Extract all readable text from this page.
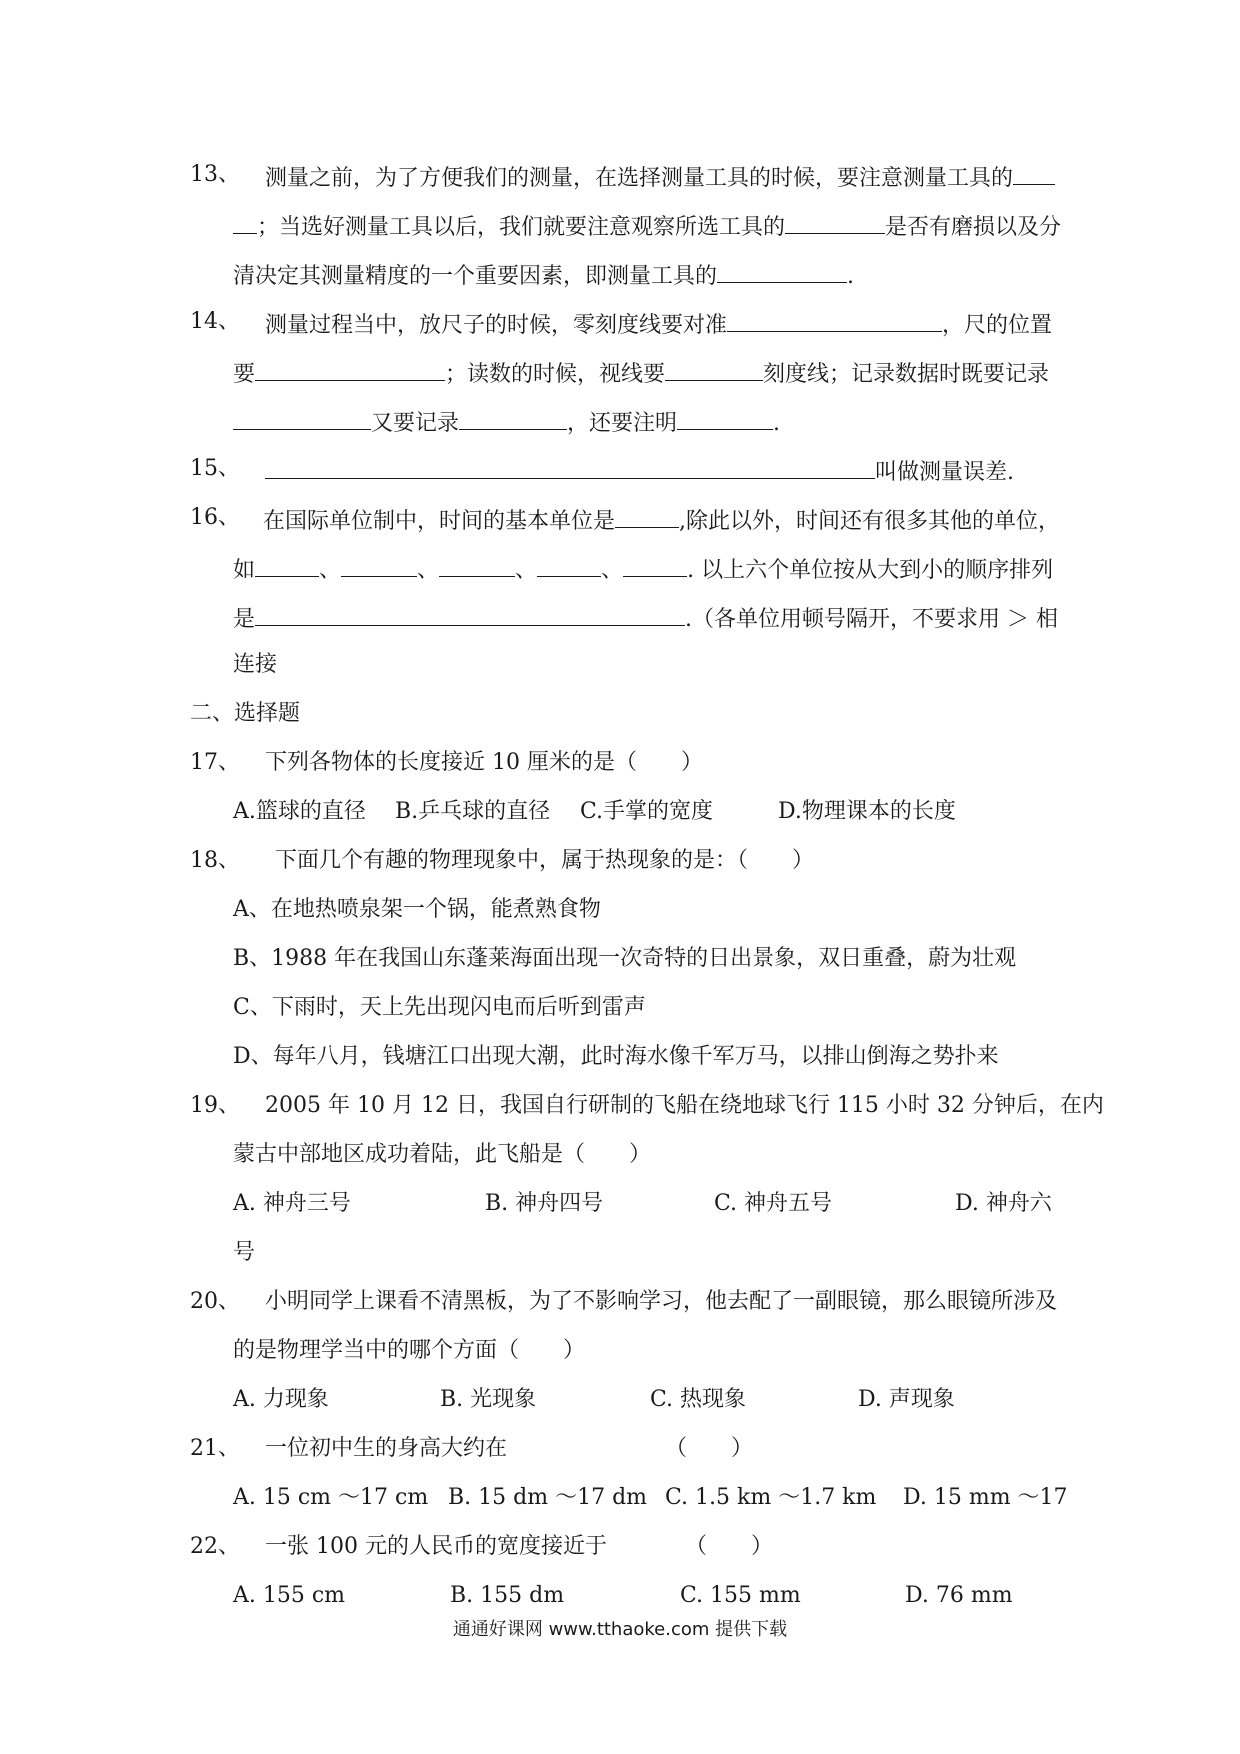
13、 测量之前，为了方便我们的测量，在选择测量工具的时候，要注意测量工具的
；当选好测量工具以后，我们就要注意观察所选工具的	是否有磨损以及分
清决定其测量精度的一个重要因素，即测量工具的	.
14、 测量过程当中，放尺子的时候，零刻度线要对准	，尺的位置
要	；读数的时候，视线要	刻度线；记录数据时既要记录
又要记录	，还要注明	.
15、	叫做测量误差.
16、 在国际单位制中，时间的基本单位是	,除此以外，时间还有很多其他的单位，
如	、	、	、	、	. 以上六个单位按从大到小的顺序排列
是	.（各单位用顿号隔开，不要求用 ＞ 相
连接
二、选择题
17、 下列各物体的长度接近 10 厘米的是（　　）
A.篮球的直径 B.乒乓球的直径 C.手掌的宽度	D.物理课本的长度
18、 下面几个有趣的物理现象中，属于热现象的是：（　　）
A、在地热喷泉架一个锅，能煮熟食物
B、1988 年在我国山东蓬莱海面出现一次奇特的日出景象，双日重叠，蔚为壮观
C、下雨时，天上先出现闪电而后听到雷声
D、每年八月，钱塘江口出现大潮，此时海水像千军万马，以排山倒海之势扑来
19、 2005 年 10 月 12 日，我国自行研制的飞船在绕地球飞行 115 小时 32 分钟后，在内
蒙古中部地区成功着陆，此飞船是（　　）
A. 神舟三号	B. 神舟四号	C. 神舟五号	D. 神舟六
号
20、 小明同学上课看不清黑板，为了不影响学习，他去配了一副眼镜，那么眼镜所涉及
的是物理学当中的哪个方面（　　）
A. 力现象	B. 光现象	C. 热现象	D. 声现象
21、 一位初中生的身高大约在	（　　）
A. 15 cm ～17 cm B. 15 dm ～17 dm C. 1.5 km ～1.7 km D. 15 mm ～17
22、 一张 100 元的人民币的宽度接近于	（　　）
A. 155 cm	B. 155 dm	C. 155 mm	D. 76 mm
通通好课网 www.tthaoke.com 提供下载
